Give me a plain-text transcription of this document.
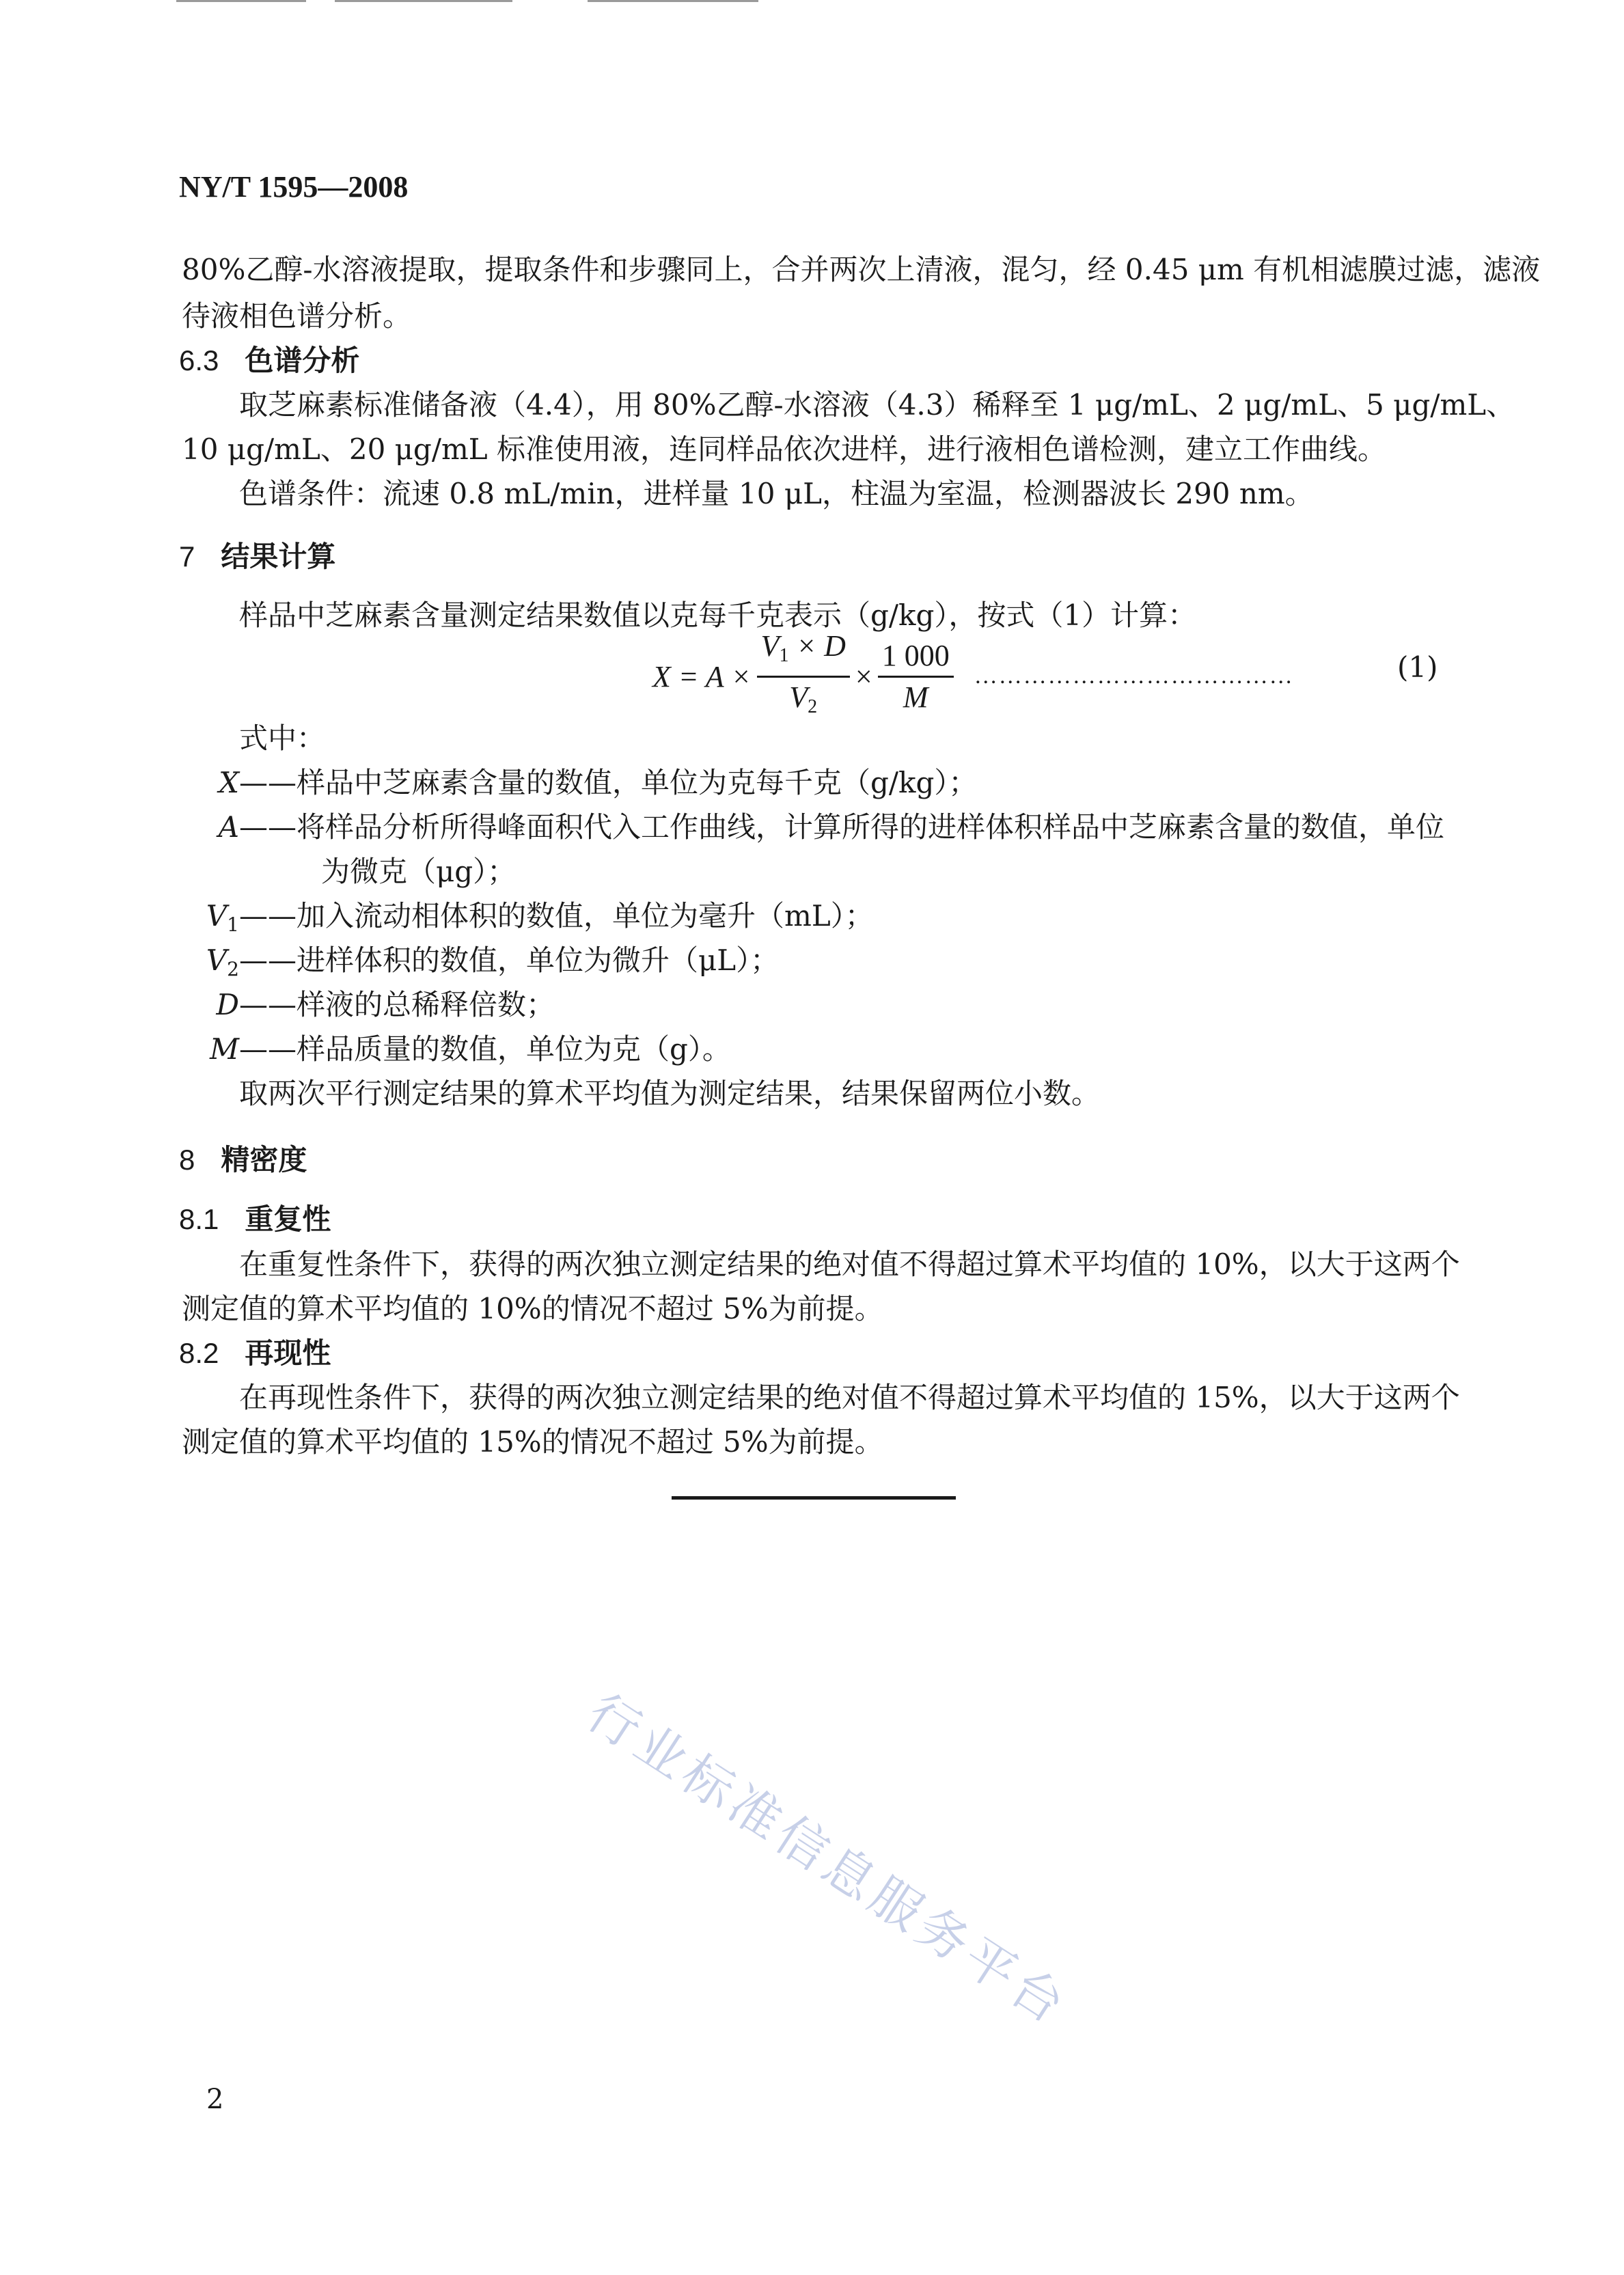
NY/T 1595—2008
80%乙醇-水溶液提取，提取条件和步骤同上，合并两次上清液，混匀，经 0.45 μm 有机相滤膜过滤，滤液
待液相色谱分析。
6.3 色谱分析
取芝麻素标准储备液（4.4），用 80%乙醇-水溶液（4.3）稀释至 1 μg/mL、2 μg/mL、5 μg/mL、
10 μg/mL、20 μg/mL 标准使用液，连同样品依次进样，进行液相色谱检测，建立工作曲线。
色谱条件：流速 0.8 mL/min，进样量 10 μL，柱温为室温，检测器波长 290 nm。
7 结果计算
样品中芝麻素含量测定结果数值以克每千克表示（g/kg），按式（1）计算：
$X = A \times \frac{V_1 \times D}{V_2} \times \frac{1 000}{M}$ …………………………………	(1)
式中：
X——样品中芝麻素含量的数值，单位为克每千克（g/kg）；
A——将样品分析所得峰面积代入工作曲线，计算所得的进样体积样品中芝麻素含量的数值，单位
为微克（μg）；
$V_1——$加入流动相体积的数值，单位为毫升（mL）；
$V_2——$进样体积的数值，单位为微升（μL）；
D——样液的总稀释倍数；
M——样品质量的数值，单位为克（g）。
取两次平行测定结果的算术平均值为测定结果，结果保留两位小数。
8 精密度
8.1 重复性
在重复性条件下，获得的两次独立测定结果的绝对值不得超过算术平均值的 10%，以大于这两个
测定值的算术平均值的 10%的情况不超过 5%为前提。
8.2 再现性
在再现性条件下，获得的两次独立测定结果的绝对值不得超过算术平均值的 15%，以大于这两个
测定值的算术平均值的 15%的情况不超过 5%为前提。
行业标准信息服务平台
2
